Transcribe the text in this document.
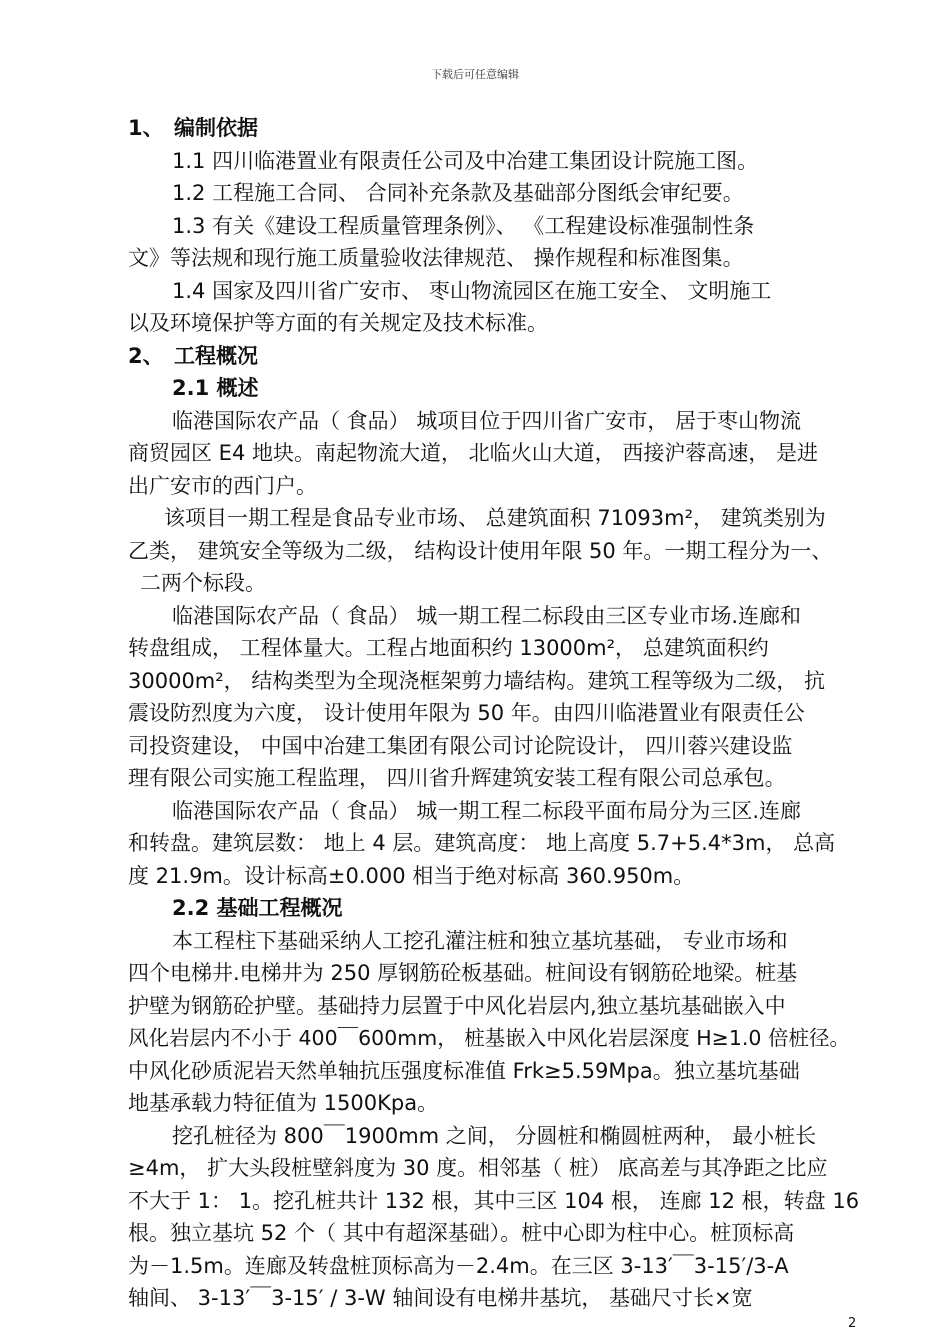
下载后可任意编辑
1、 编制依据
1.1 四川临港置业有限责任公司及中冶建工集团设计院施工图。
1.2 工程施工合同、 合同补充条款及基础部分图纸会审纪要。
1.3 有关《建设工程质量管理条例》、 《工程建设标准强制性条
文》等法规和现行施工质量验收法律规范、 操作规程和标准图集。
1.4 国家及四川省广安市、 枣山物流园区在施工安全、 文明施工
以及环境保护等方面的有关规定及技术标准。
2、 工程概况
2.1 概述
临港国际农产品（ 食品） 城项目位于四川省广安市， 居于枣山物流
商贸园区 E4 地块。南起物流大道， 北临火山大道， 西接沪蓉高速， 是进
出广安市的西门户。
该项目一期工程是食品专业市场、 总建筑面积 71093m²， 建筑类别为
乙类， 建筑安全等级为二级， 结构设计使用年限 50 年。一期工程分为一、
二两个标段。
临港国际农产品（ 食品） 城一期工程二标段由三区专业市场.连廊和
转盘组成， 工程体量大。工程占地面积约 13000m²， 总建筑面积约
30000m²， 结构类型为全现浇框架剪力墙结构。建筑工程等级为二级， 抗
震设防烈度为六度， 设计使用年限为 50 年。由四川临港置业有限责任公
司投资建设， 中国中冶建工集团有限公司讨论院设计， 四川蓉兴建设监
理有限公司实施工程监理， 四川省升辉建筑安装工程有限公司总承包。
临港国际农产品（ 食品） 城一期工程二标段平面布局分为三区.连廊
和转盘。建筑层数： 地上 4 层。建筑高度： 地上高度 5.7+5.4*3m， 总高
度 21.9m。设计标高±0.000 相当于绝对标高 360.950m。
2.2 基础工程概况
本工程柱下基础采纳人工挖孔灌注桩和独立基坑基础， 专业市场和
四个电梯井.电梯井为 250 厚钢筋砼板基础。桩间设有钢筋砼地梁。桩基
护壁为钢筋砼护壁。基础持力层置于中风化岩层内,独立基坑基础嵌入中
风化岩层内不小于 400￣600mm， 桩基嵌入中风化岩层深度 H≥1.0 倍桩径。
中风化砂质泥岩天然单轴抗压强度标准值 Frk≥5.59Mpa。独立基坑基础
地基承载力特征值为 1500Kpa。
挖孔桩径为 800￣1900mm 之间， 分圆桩和椭圆桩两种， 最小桩长
≥4m， 扩大头段桩壁斜度为 30 度。相邻基（ 桩） 底高差与其净距之比应
不大于 1： 1。挖孔桩共计 132 根，其中三区 104 根， 连廊 12 根，转盘 16
根。独立基坑 52 个（ 其中有超深基础）。桩中心即为柱中心。桩顶标高
为－1.5m。连廊及转盘桩顶标高为－2.4m。在三区 3-13′￣3-15′/3-A
轴间、 3-13′￣3-15′ / 3-W 轴间设有电梯井基坑， 基础尺寸长×宽
2
